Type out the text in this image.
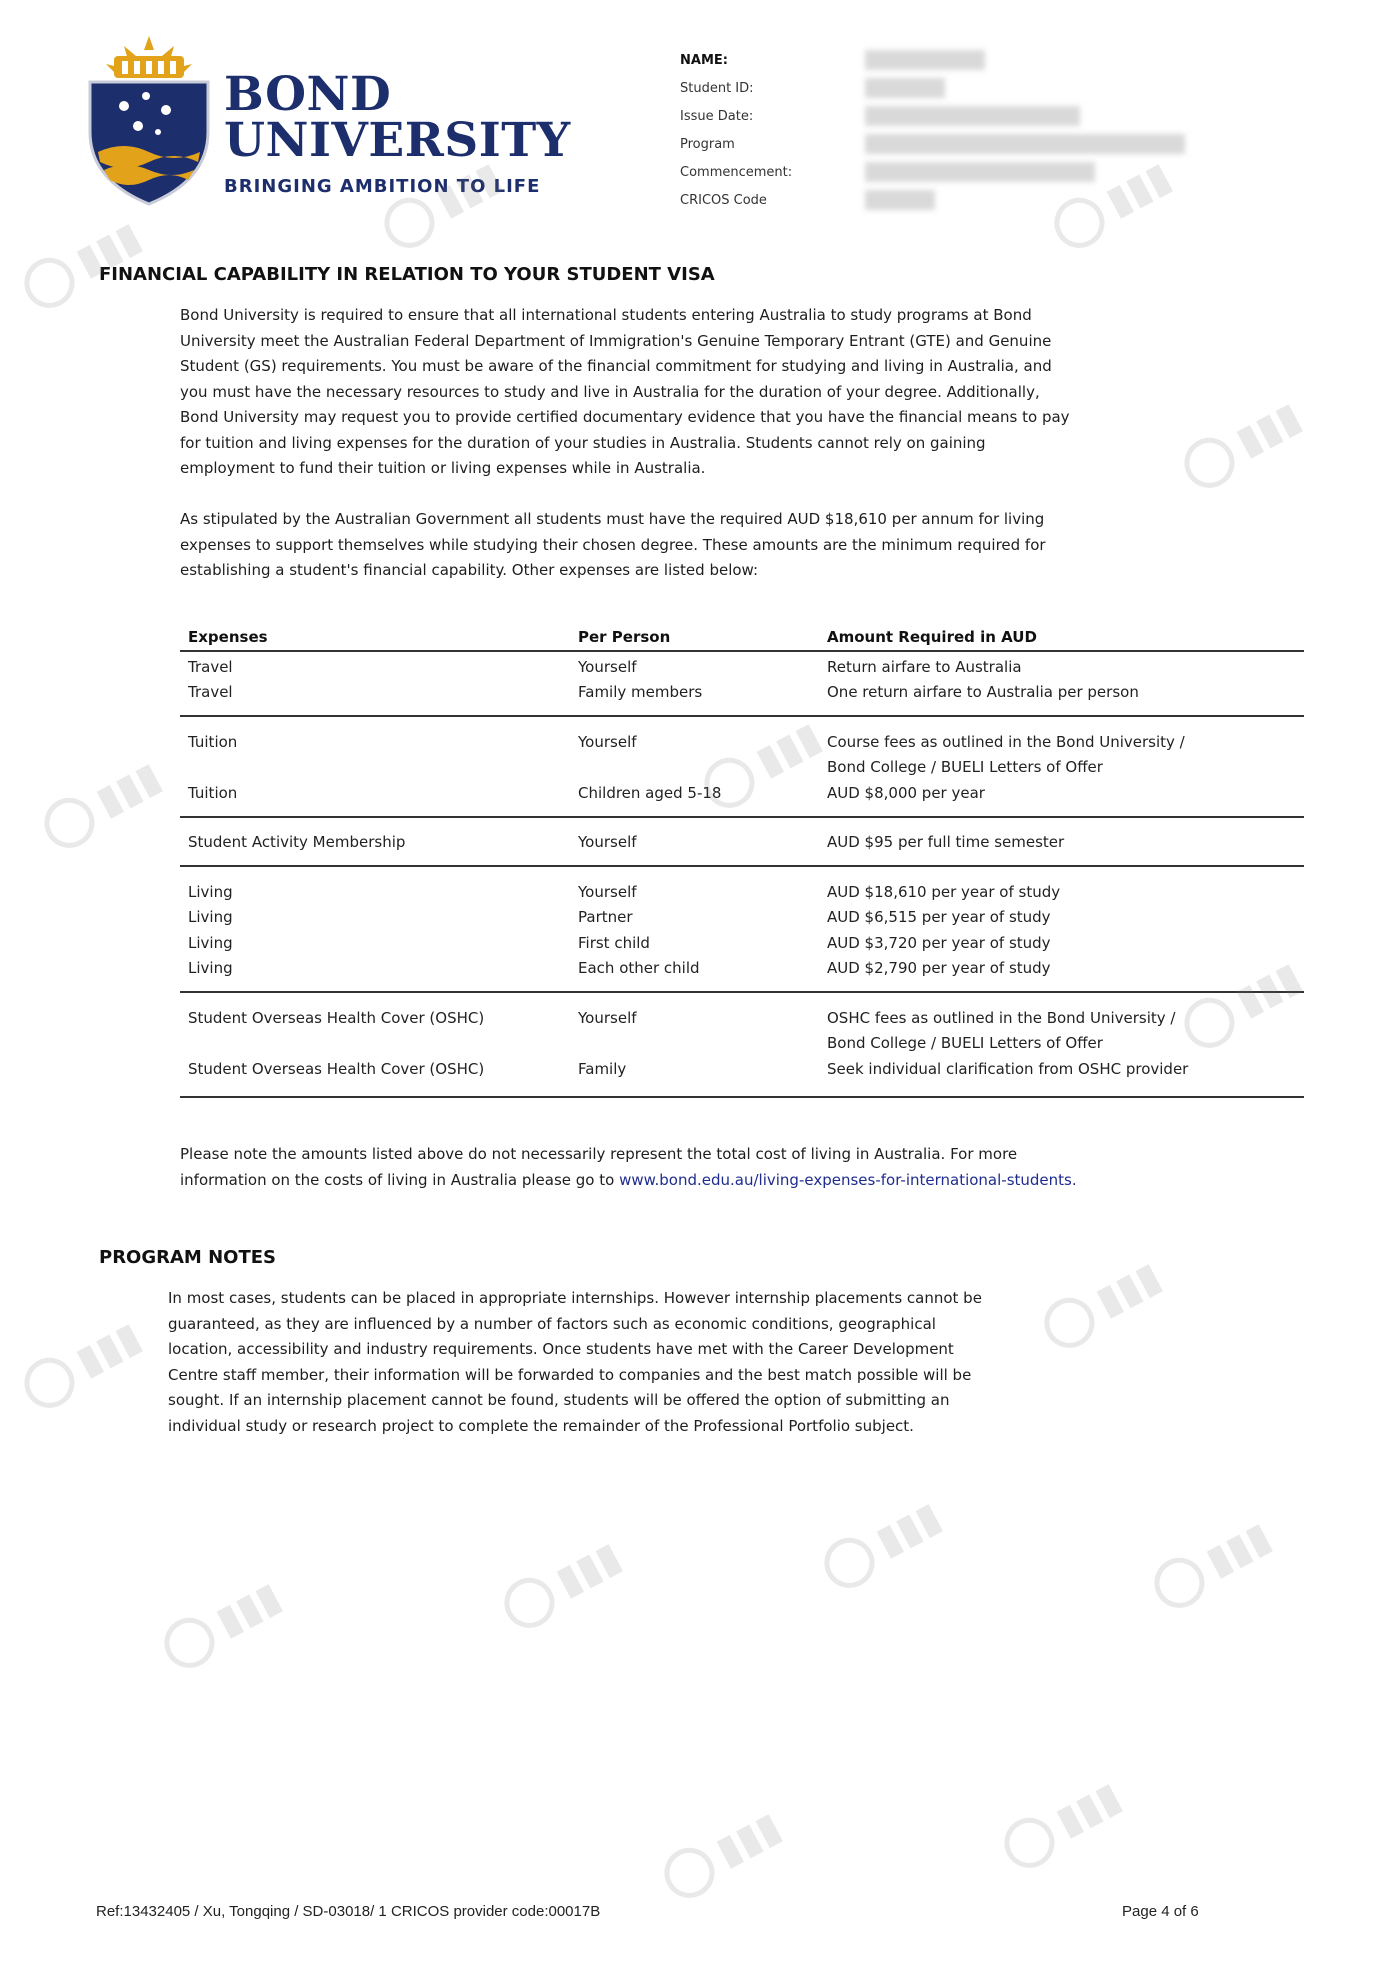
BOND
UNIVERSITY
BRINGING AMBITION TO LIFE
NAME:
Student ID:
Issue Date:
Program
Commencement:
CRICOS Code
FINANCIAL CAPABILITY IN RELATION TO YOUR STUDENT VISA
Bond University is required to ensure that all international students entering Australia to study programs at Bond
University meet the Australian Federal Department of Immigration's Genuine Temporary Entrant (GTE) and Genuine
Student (GS) requirements. You must be aware of the financial commitment for studying and living in Australia, and
you must have the necessary resources to study and live in Australia for the duration of your degree. Additionally,
Bond University may request you to provide certified documentary evidence that you have the financial means to pay
for tuition and living expenses for the duration of your studies in Australia. Students cannot rely on gaining
employment to fund their tuition or living expenses while in Australia.
As stipulated by the Australian Government all students must have the required AUD $18,610 per annum for living
expenses to support themselves while studying their chosen degree. These amounts are the minimum required for
establishing a student's financial capability. Other expenses are listed below:
Expenses	Per Person	Amount Required in AUD
Travel	Yourself	Return airfare to Australia
Travel	Family members	One return airfare to Australia per person
Tuition	Yourself	Course fees as outlined in the Bond University /
Bond College / BUELI Letters of Offer
Tuition	Children aged 5-18	AUD $8,000 per year
Student Activity Membership	Yourself	AUD $95 per full time semester
Living	Yourself	AUD $18,610 per year of study
Living	Partner	AUD $6,515 per year of study
Living	First child	AUD $3,720 per year of study
Living	Each other child	AUD $2,790 per year of study
Student Overseas Health Cover (OSHC)	Yourself	OSHC fees as outlined in the Bond University /
Bond College / BUELI Letters of Offer
Student Overseas Health Cover (OSHC)	Family	Seek individual clarification from OSHC provider
Please note the amounts listed above do not necessarily represent the total cost of living in Australia. For more
information on the costs of living in Australia please go to www.bond.edu.au/living-expenses-for-international-students.
PROGRAM NOTES
In most cases, students can be placed in appropriate internships. However internship placements cannot be
guaranteed, as they are influenced by a number of factors such as economic conditions, geographical
location, accessibility and industry requirements. Once students have met with the Career Development
Centre staff member, their information will be forwarded to companies and the best match possible will be
sought. If an internship placement cannot be found, students will be offered the option of submitting an
individual study or research project to complete the remainder of the Professional Portfolio subject.
Ref:13432405 / Xu, Tongqing / SD-03018/ 1 CRICOS provider code:00017B	Page 4 of 6
▮▮▮
▮▮▮	▮▮▮
▮▮▮
▮▮▮
▮▮▮
▮▮▮
▮▮▮
▮▮▮
▮▮▮
▮▮▮
▮▮▮	▮▮▮
▮▮▮	▮▮▮
